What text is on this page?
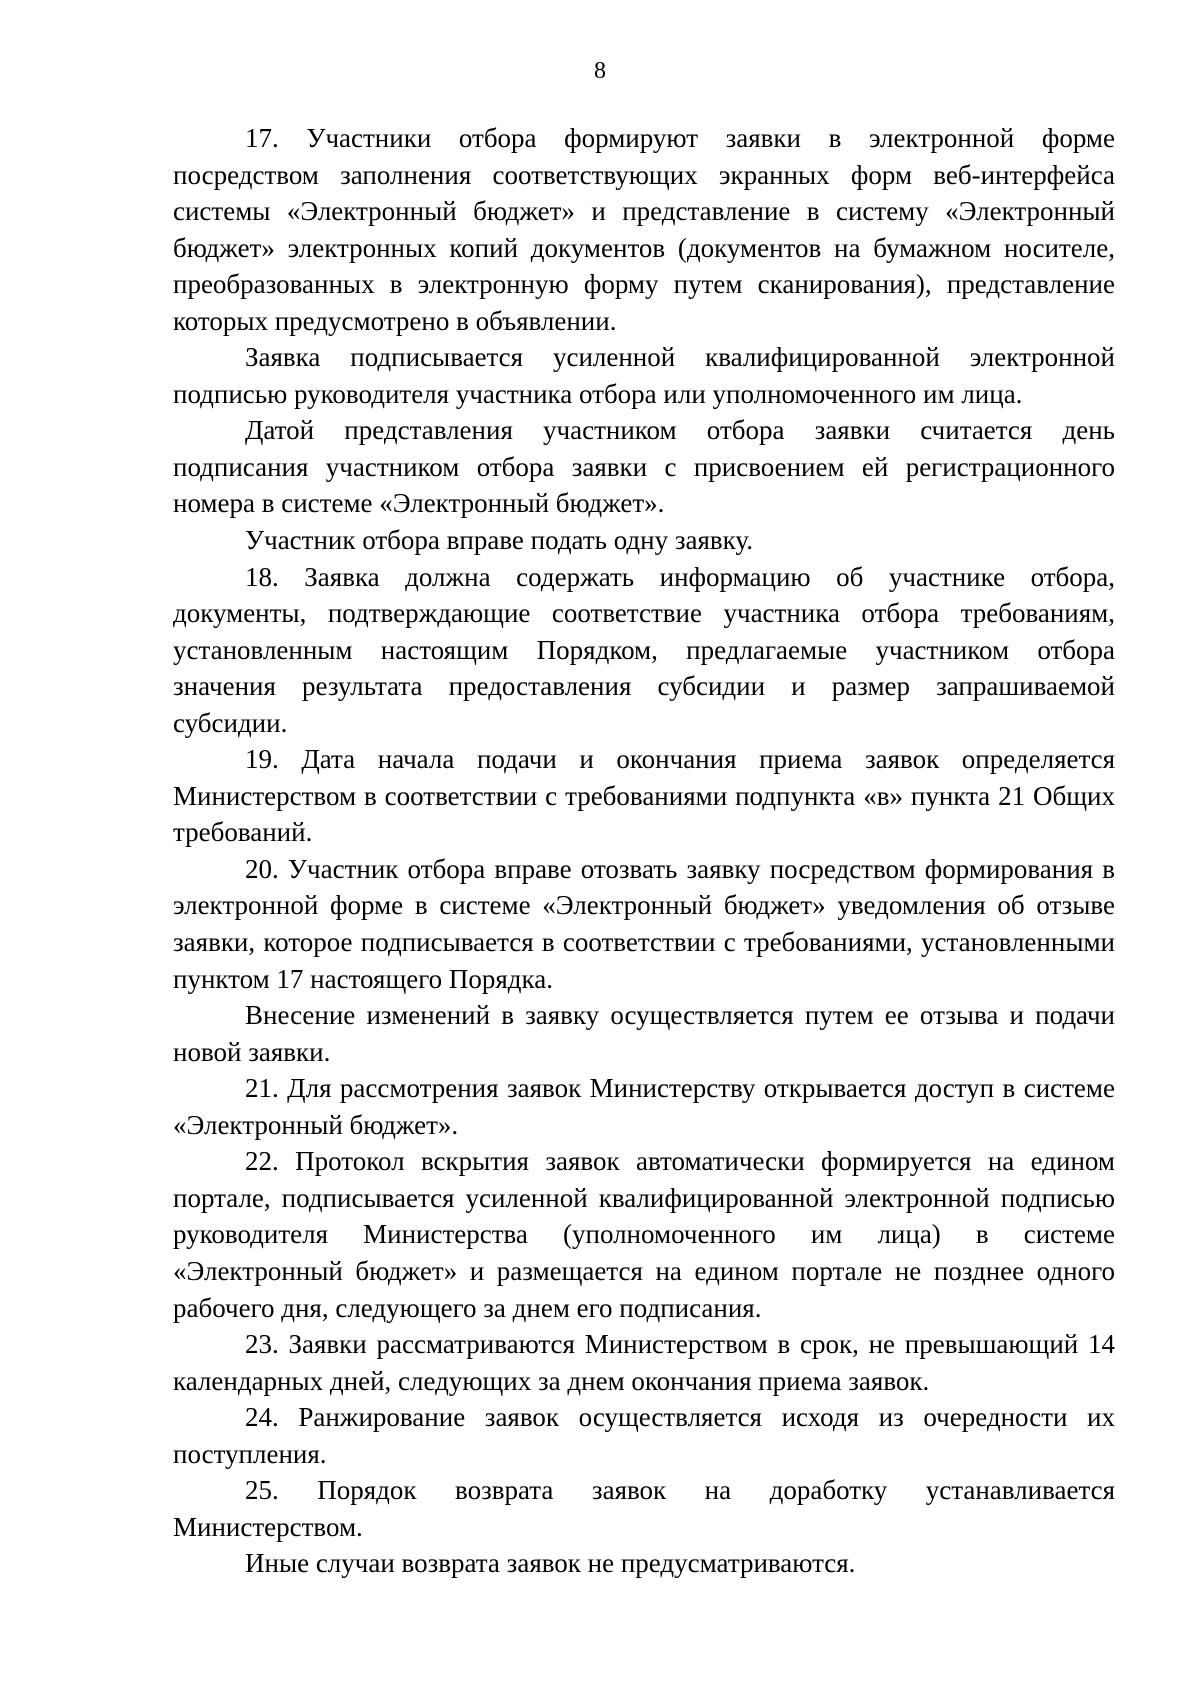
8

17. Участники отбора формируют заявки в электронной форме посредством заполнения соответствующих экранных форм веб-интерфейса системы «Электронный бюджет» и представление в систему «Электронный бюджет» электронных копий документов (документов на бумажном носителе, преобразованных в электронную форму путем сканирования), представление которых предусмотрено в объявлении.

Заявка подписывается усиленной квалифицированной электронной подписью руководителя участника отбора или уполномоченного им лица.

Датой представления участником отбора заявки считается день подписания участником отбора заявки с присвоением ей регистрационного номера в системе «Электронный бюджет».

Участник отбора вправе подать одну заявку.

18. Заявка должна содержать информацию об участнике отбора, документы, подтверждающие соответствие участника отбора требованиям, установленным настоящим Порядком, предлагаемые участником отбора значения результата предоставления субсидии и размер запрашиваемой субсидии.

19. Дата начала подачи и окончания приема заявок определяется Министерством в соответствии с требованиями подпункта «в» пункта 21 Общих требований.

20. Участник отбора вправе отозвать заявку посредством формирования в электронной форме в системе «Электронный бюджет» уведомления об отзыве заявки, которое подписывается в соответствии с требованиями, установленными пунктом 17 настоящего Порядка.

Внесение изменений в заявку осуществляется путем ее отзыва и подачи новой заявки.

21. Для рассмотрения заявок Министерству открывается доступ в системе «Электронный бюджет».

22. Протокол вскрытия заявок автоматически формируется на едином портале, подписывается усиленной квалифицированной электронной подписью руководителя Министерства (уполномоченного им лица) в системе «Электронный бюджет» и размещается на едином портале не позднее одного рабочего дня, следующего за днем его подписания.

23. Заявки рассматриваются Министерством в срок, не превышающий 14 календарных дней, следующих за днем окончания приема заявок.

24. Ранжирование заявок осуществляется исходя из очередности их поступления.

25. Порядок возврата заявок на доработку устанавливается Министерством.

Иные случаи возврата заявок не предусматриваются.
